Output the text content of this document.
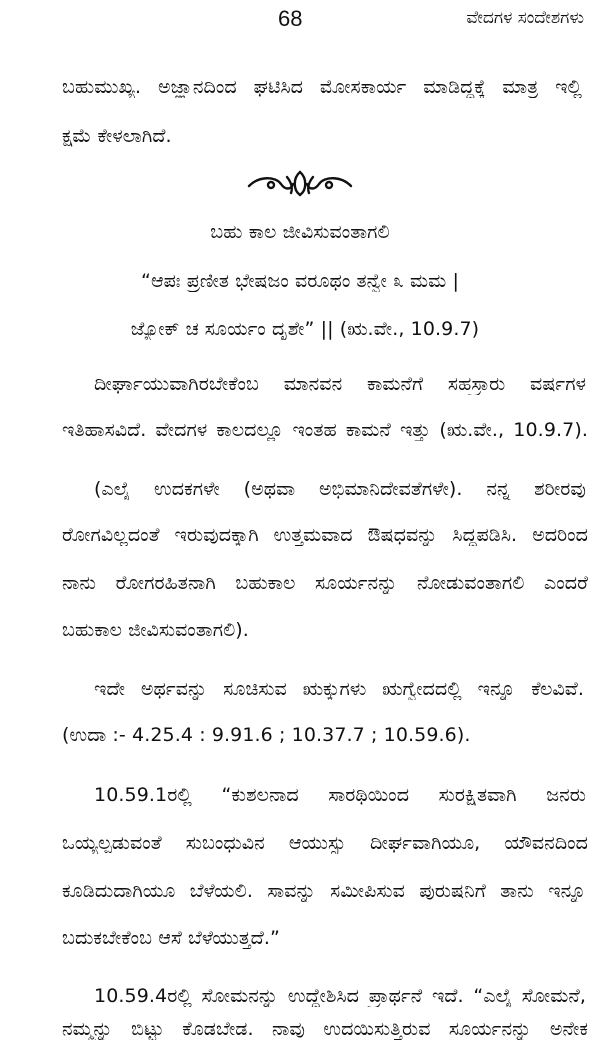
68	ವೇದಗಳ ಸಂದೇಶಗಳು
ಬಹುಮುಖ್ಯ. ಅಜ್ಞಾನದಿಂದ ಘಟಿಸಿದ ಮೋಸಕಾರ್ಯ ಮಾಡಿದ್ದಕ್ಕೆ ಮಾತ್ರ ಇಲ್ಲಿ
ಕ್ಷಮೆ ಕೇಳಲಾಗಿದೆ.
ಬಹು ಕಾಲ ಜೀವಿಸುವಂತಾಗಲಿ
“ಆಪಃ ಪ್ರಣೀತ ಭೇಷಜಂ ವರೂಥಂ ತನ್ವೇ ೩ ಮಮ |
ಜ್ಯೋಕ್ ಚ ಸೂರ್ಯಂ ದೃಶೇ” || (ಋ.ವೇ., 10.9.7)
ದೀರ್ಘಾಯುವಾಗಿರಬೇಕೆಂಬ ಮಾನವನ ಕಾಮನೆಗೆ ಸಹಸ್ರಾರು ವರ್ಷಗಳ
ಇತಿಹಾಸವಿದೆ. ವೇದಗಳ ಕಾಲದಲ್ಲೂ ಇಂತಹ ಕಾಮನೆ ಇತ್ತು (ಋ.ವೇ., 10.9.7).
(ಎಲೈ ಉದಕಗಳೇ (ಅಥವಾ ಅಭಿಮಾನಿದೇವತೆಗಳೇ). ನನ್ನ ಶರೀರವು
ರೋಗವಿಲ್ಲದಂತೆ ಇರುವುದಕ್ಕಾಗಿ ಉತ್ತಮವಾದ ಔಷಧವನ್ನು ಸಿದ್ಧಪಡಿಸಿ. ಅದರಿಂದ
ನಾನು ರೋಗರಹಿತನಾಗಿ ಬಹುಕಾಲ ಸೂರ್ಯನನ್ನು ನೋಡುವಂತಾಗಲಿ ಎಂದರೆ
ಬಹುಕಾಲ ಜೀವಿಸುವಂತಾಗಲಿ).
ಇದೇ ಅರ್ಥವನ್ನು ಸೂಚಿಸುವ ಋಕ್ಕುಗಳು ಋಗ್ವೇದದಲ್ಲಿ ಇನ್ನೂ ಕೆಲವಿವೆ.
(ಉದಾ :- 4.25.4 : 9.91.6 ; 10.37.7 ; 10.59.6).
10.59.1ರಲ್ಲಿ “ಕುಶಲನಾದ ಸಾರಥಿಯಿಂದ ಸುರಕ್ಷಿತವಾಗಿ ಜನರು
ಒಯ್ಯಲ್ಪಡುವಂತೆ ಸುಬಂಧುವಿನ ಆಯುಸ್ಸು ದೀರ್ಘವಾಗಿಯೂ, ಯೌವನದಿಂದ
ಕೂಡಿದುದಾಗಿಯೂ ಬೆಳೆಯಲಿ. ಸಾವನ್ನು ಸಮೀಪಿಸುವ ಪುರುಷನಿಗೆ ತಾನು ಇನ್ನೂ
ಬದುಕಬೇಕೆಂಬ ಆಸೆ ಬೆಳೆಯುತ್ತದೆ.”
10.59.4ರಲ್ಲಿ ಸೋಮನನ್ನು ಉದ್ದೇಶಿಸಿದ ಪ್ರಾರ್ಥನೆ ಇದೆ. “ಎಲೈ ಸೋಮನೆ,
ನಮ್ಮನ್ನು ಬಿಟ್ಟು ಕೊಡಬೇಡ. ನಾವು ಉದಯಿಸುತ್ತಿರುವ ಸೂರ್ಯನನ್ನು ಅನೇಕ
